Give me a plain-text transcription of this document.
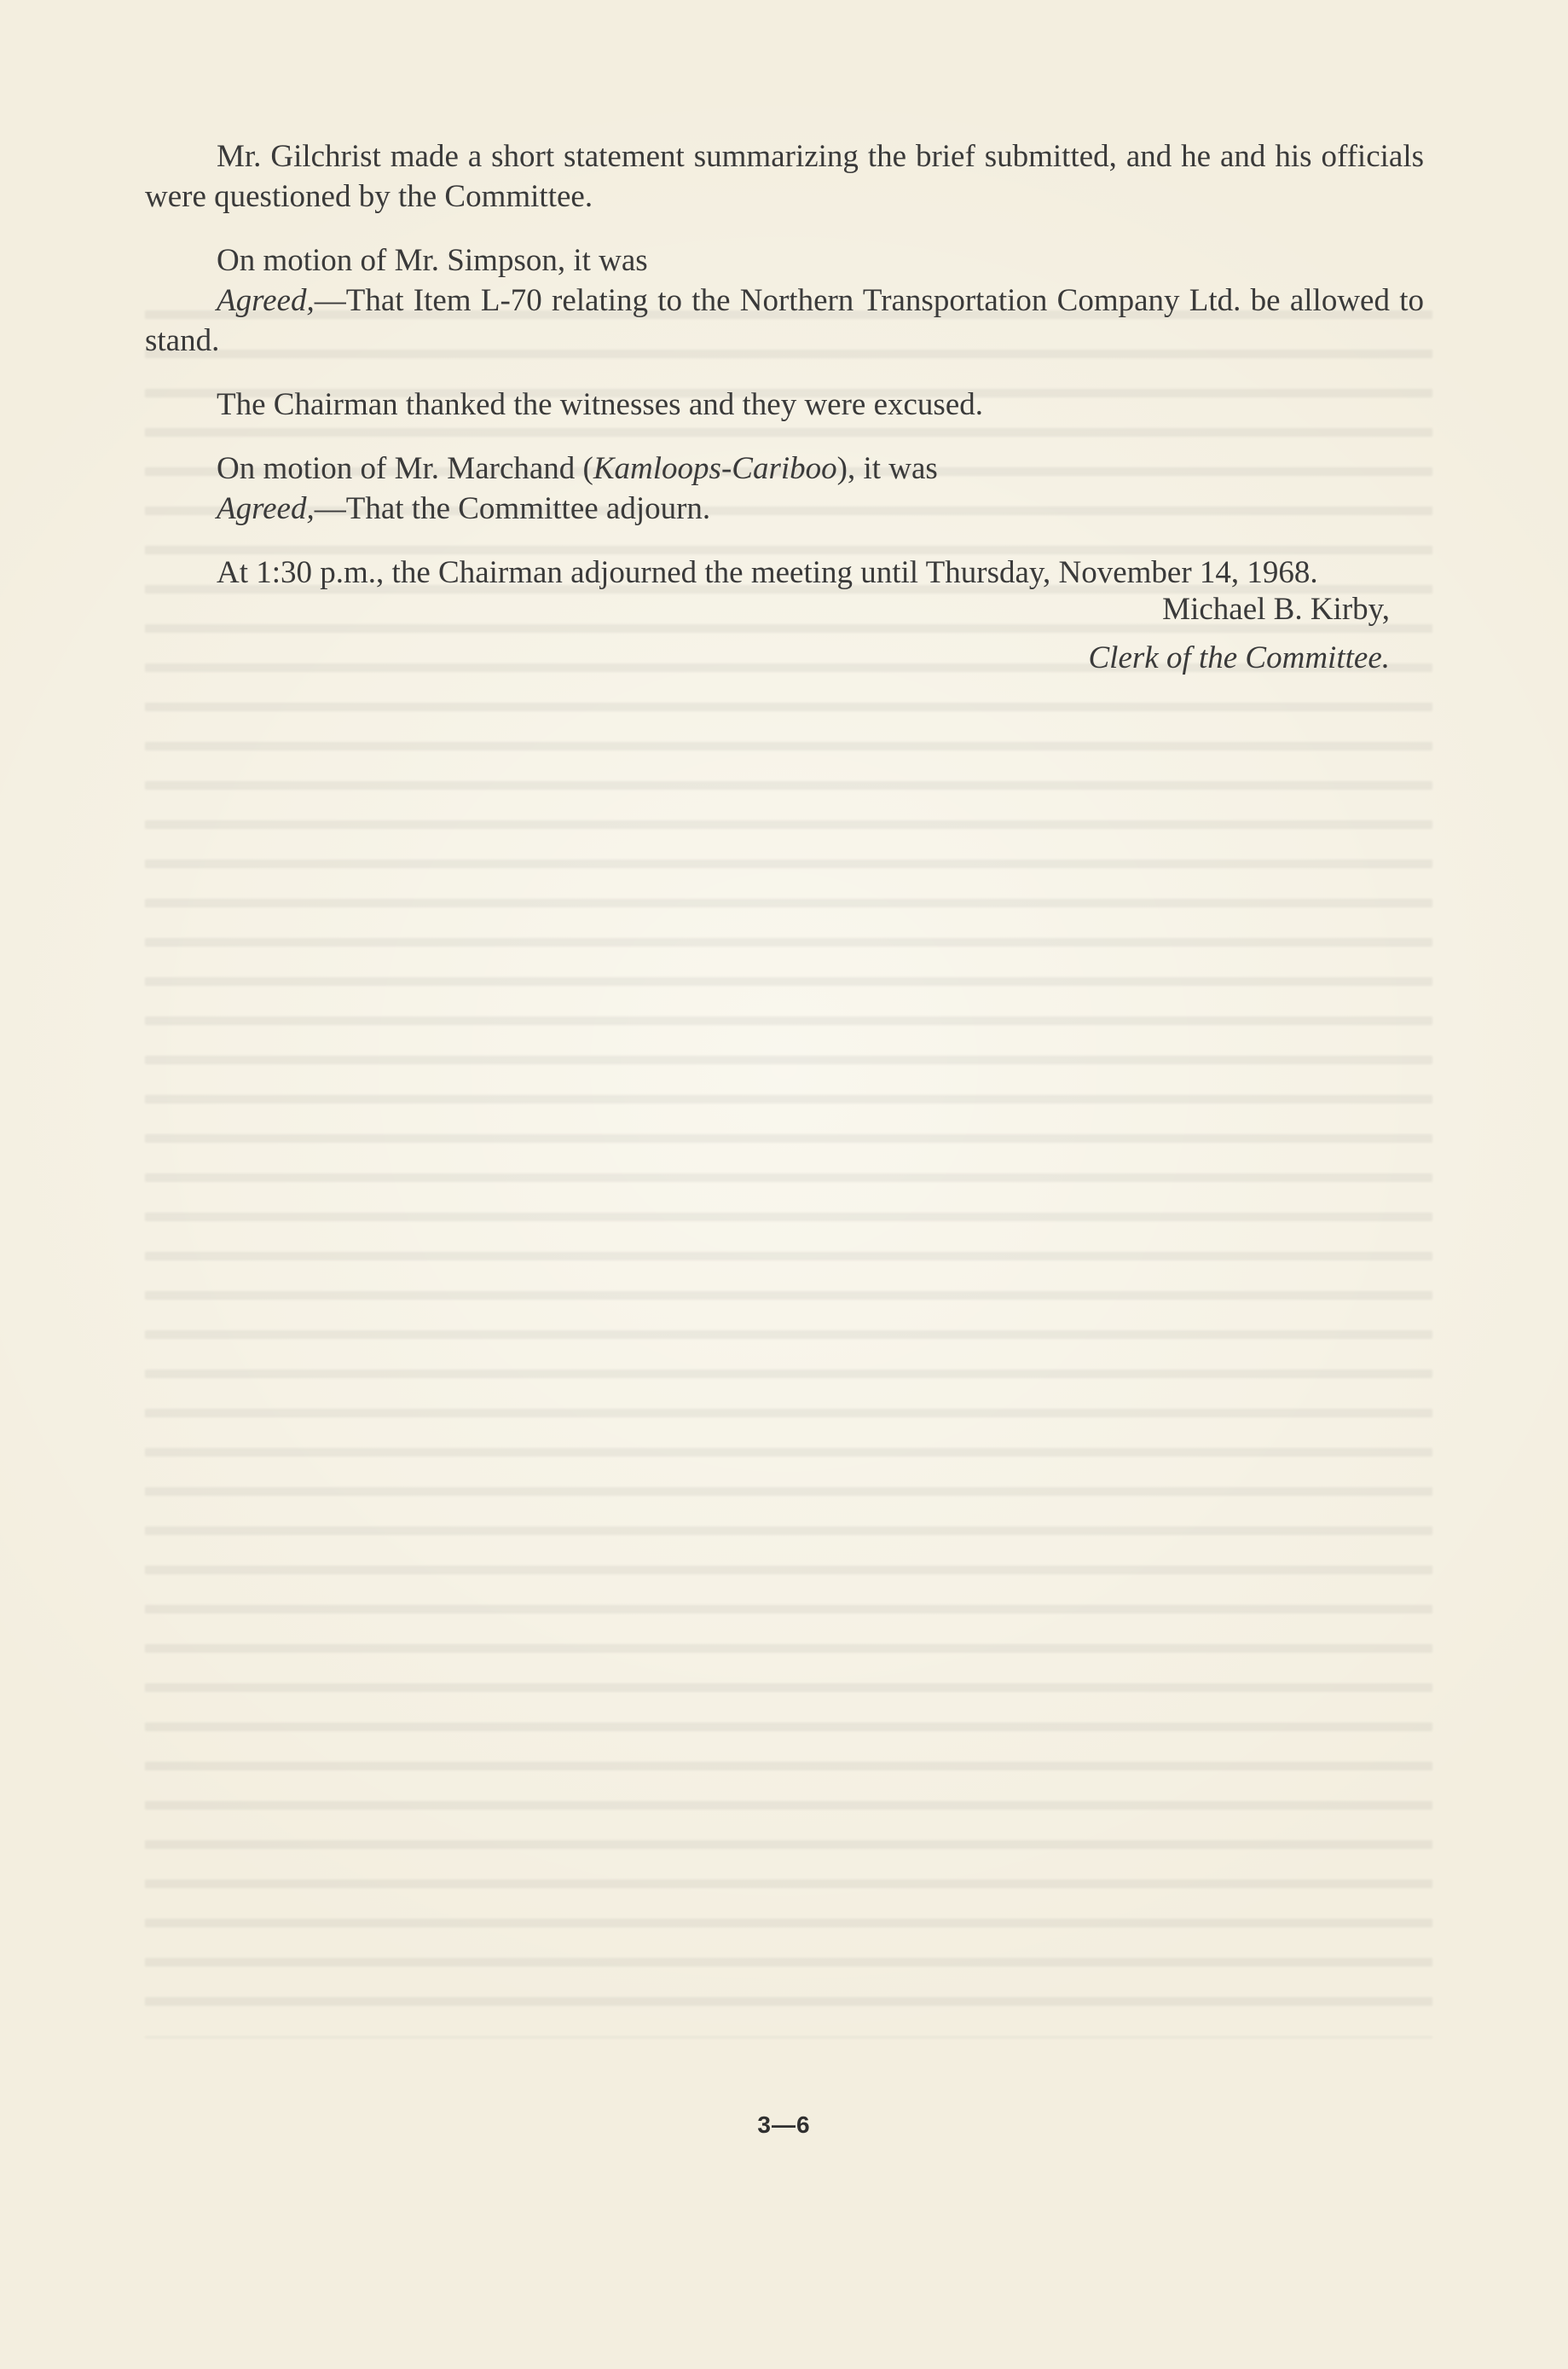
Mr. Gilchrist made a short statement summarizing the brief submitted, and he and his officials were questioned by the Committee.

On motion of Mr. Simpson, it was

Agreed,—That Item L-70 relating to the Northern Transportation Company Ltd. be allowed to stand.

The Chairman thanked the witnesses and they were excused.

On motion of Mr. Marchand (Kamloops-Cariboo), it was

Agreed,—That the Committee adjourn.

At 1:30 p.m., the Chairman adjourned the meeting until Thursday, November 14, 1968.

Michael B. Kirby,

Clerk of the Committee.

3—6
